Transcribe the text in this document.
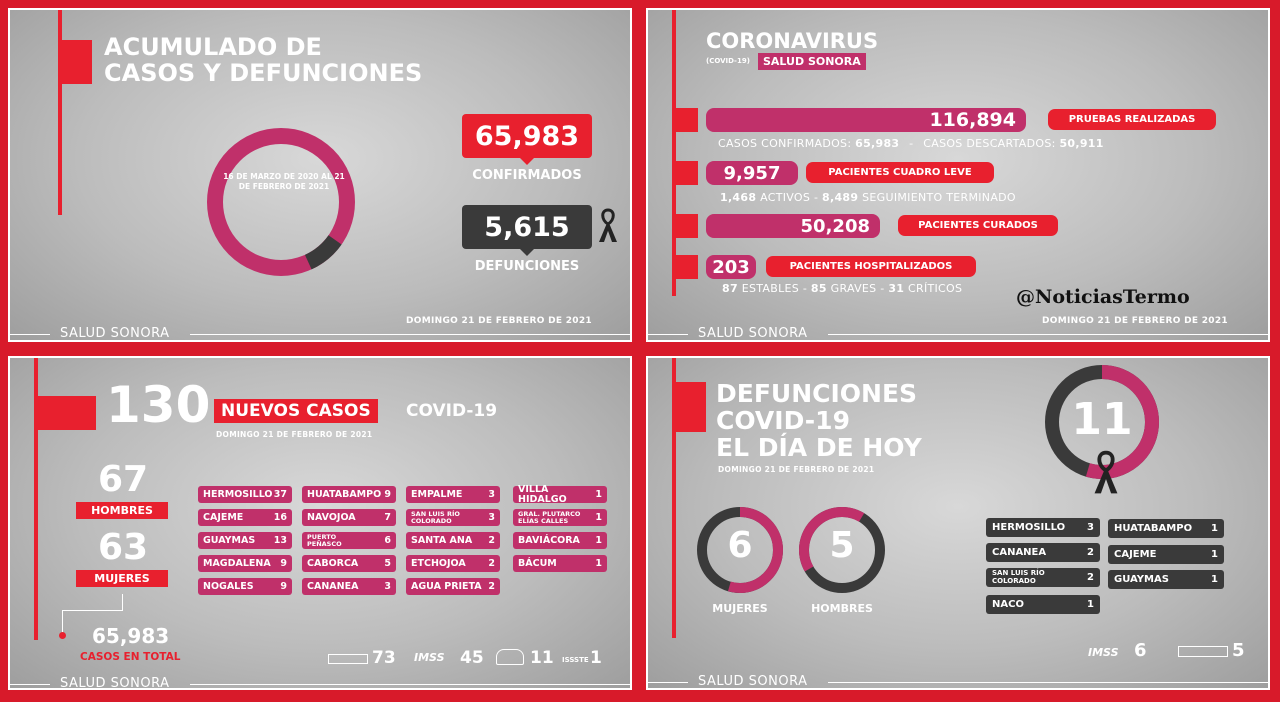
ACUMULADO DE
CASOS Y DEFUNCIONES
16 DE MARZO DE 2020 AL 21 DE FEBRERO DE 2021
65,983
CONFIRMADOS
5,615
DEFUNCIONES
SALUD SONORA
DOMINGO 21 DE FEBRERO DE 2021
CORONAVIRUS
(COVID-19)	SALUD SONORA
116,894	PRUEBAS REALIZADAS
CASOS CONFIRMADOS: 65,983 - CASOS DESCARTADOS: 50,911
9,957	PACIENTES CUADRO LEVE
1,468 ACTIVOS - 8,489 SEGUIMIENTO TERMINADO
50,208	PACIENTES CURADOS
203	PACIENTES HOSPITALIZADOS
87 ESTABLES - 85 GRAVES - 31 CRÍTICOS	@NoticiasTermo
SALUD SONORA
DOMINGO 21 DE FEBRERO DE 2021
130 NUEVOS CASOS	COVID-19
DOMINGO 21 DE FEBRERO DE 2021
67
HOMBRES
63
MUJERES
65,983
CASOS EN TOTAL
HERMOSILLO 37
CAJEME	16
GUAYMAS 13
MAGDALENA 9
NOGALES	9
HUATABAMPO 9
NAVOJOA	7
PUERTO PEÑASCO	6
CABORCA	5
CANANEA	3
EMPALME	3
SAN LUIS RÍO COLORADO	3
SANTA ANA 2
ETCHOJOA 2
AGUA PRIETA 2
VILLA HIDALGO	1
GRAL. PLUTARCO ELÍAS CALLES	1
BAVIÁCORA 1
BÁCUM	1
73 IMSS 45	11 ISSSTE 1
SALUD SONORA
DEFUNCIONES
COVID-19
EL DÍA DE HOY
DOMINGO 21 DE FEBRERO DE 2021
11
6
MUJERES
5
HOMBRES
HERMOSILLO 3
CANANEA	2
SAN LUIS RÍO COLORADO	2
NACO	1
HUATABAMPO 1
CAJEME	1
GUAYMAS	1
IMSS 6	5
SALUD SONORA
